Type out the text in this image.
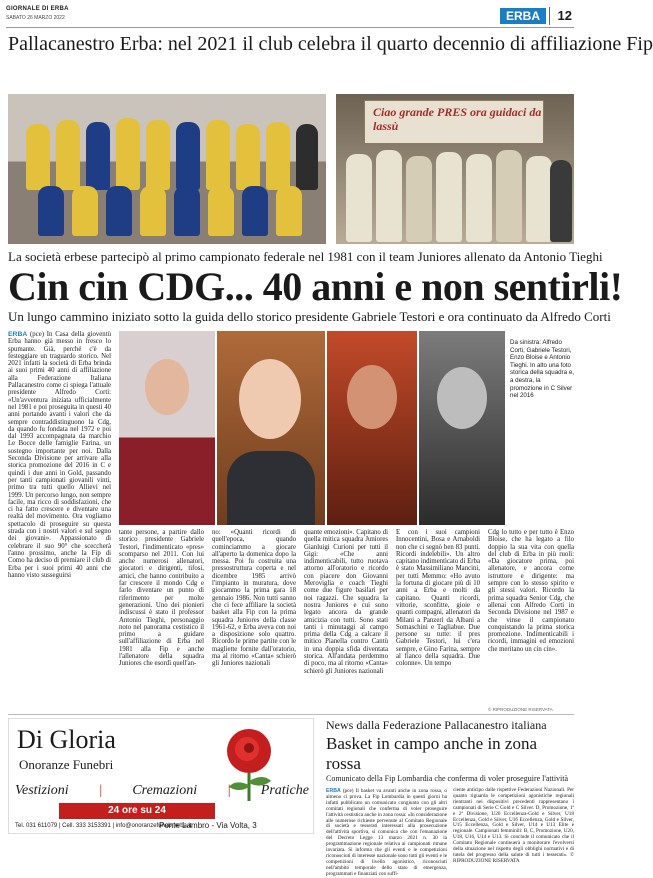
GIORNALE DI ERBA
SABATO 26 MARZO 2022	ERBA	12
Pallacanestro Erba: nel 2021 il club celebra il quarto decennio di affiliazione Fip
Ciao grande PRES ora guidaci da lassù
La società erbese partecipò al primo campionato federale nel 1981 con il team Juniores allenato da Antonio Tieghi
Cin cin CDG... 40 anni e non sentirli!
Un lungo cammino iniziato sotto la guida dello storico presidente Gabriele Testori e ora continuato da Alfredo Corti
ERBA (pce) In Casa della gioventù Erba hanno già messo in fresco lo spumante. Già, perché c'è da festeggiare un traguardo storico. Nel 2021 infatti la società di Erba brinda ai suoi primi 40 anni di affiliazione alla Federazione Italiana Pallacanestro come ci spiega l'attuale presidente Alfredo Corti: «Un'avventura iniziata ufficialmente nel 1981 e poi proseguita in questi 40 anni portando avanti i valori che da sempre contraddistinguono la Cdg, da quando fu fondata nel 1972 e poi dal 1993 accompagnata da marchio Le Bocce delle famiglie Farina, un sostegno importante per noi. Dalla Seconda Divisione per arrivare alla storica promozione del 2016 in C e quindi i due anni in Gold, passando per tanti campionati giovanili vinti, primo tra tutti quello Allievi nel 1999. Un percorso lungo, non sempre facile, ma ricco di soddisfazioni, che ci ha fatto crescere e diventare una realtà del movimento. Ora vogliamo spettacolo di proseguire su questa strada con i nostri valori e sul segno dei giovani». Appassionato di celebrare il suo 90° che sceccherà l'anno prossimo, anche la Fip di Como ha deciso di premiare il club di Erba per i suoi primi 40 anni che hanno visto susseguirsi
Da sinistra: Alfredo Corti, Gabriele Testori, Enzo Bloise e Antonio Tieghi. In alto una foto storica della squadra e, a destra, la promozione in C Silver nel 2016
tante persone, a partire dallo storico presidente Gabriele Testori, l'indimenticato «pres» scomparso nel 2011. Con lui anche numerosi allenatori, giocatori e dirigenti, tifosi, amici, che hanno contribuito a far crescere il mondo Cdg e farlo diventare un punto di riferimento per molte generazioni. Uno dei pionieri indiscussi è stato il professor Antonio Tieghi, personaggio noto nel panorama cestistico il primo a guidare sull'affiliazione di Erba nel 1981 alla Fip e anche l'allenatore della squadra Juniores che esordì quell'an-
no: «Quanti ricordi di quell'epoca, quando cominciammo a giocare all'aperto la domenica dopo la messa. Poi fu costruita una pressostruttura coperta e nel dicembre 1985 arrivò l'impianto in muratura, dove giocammo la prima gara 18 gennaio 1986. Non tutti sanno che ci fece affiliare la società basket alla Fip con la prima squadra Juniores della classe 1961-62, e Erba aveva con noi a disposizione solo quattro. Ricordo le prime partite con le magliette fornite dall'oratorio, ma al ritorno «Canta» schierò gli Juniores nazionali
quante emozioni». Capitano di quella mitica squadra Juniores Gianluigi Curioni per tutti il Gigi: «Che anni indimenticabili, tutto ruotava attorno all'oratorio e ricordo con piacere don Giovanni Meroviglia e coach Tieghi come due figure basilari per noi ragazzi. Che squadra la nostra Juniores e cui sono legato ancora da grande amicizia con tutti. Sono stati tanti i minutaggi al campo prima della Cdg a calcare il mitico Pianella contro Cantù in una doppia sfida diventata storica. All'andata perdemmo di poco, ma al ritorno «Canta» schierò gli Juniores nazionali
E con i suoi campioni Innocentini, Bosa e Arnaboldi non che ci segnò ben 83 punti. Ricordi indelebili». Un altro capitano indimenticato di Erba è stato Massimiliano Mancini, per tutti Memmo: «Ho avuto la fortuna di giocare più di 10 anni a Erba e molti da capitano. Quanti ricordi, vittorie, sconfitte, gioie e quanti compagni, allenatori da Milani a Panzeri da Albani a Somaschini e Tagliabue. Due persone su tutte: il pres Gabriele Testori, lui c'era sempre, e Gino Farina, sempre al fianco della squadra. Due colonne». Un tempo
Cdg lo tutto e per tutto è Enzo Bloise, che ha legato a filo doppio la sua vita con quella del club di Erba in più ruoli: «Da giocatore prima, poi allenatore, e ancora come istruttore e dirigente: ma sempre con lo stesso spirito e gli stessi valori. Ricordo la prima squadra Senior Cdg, che allenai con Alfredo Corti in Seconda Divisione nel 1987 e che vinse il campionato conquistando la prima storica promozione. Indimenticabili i ricordi, immagini ed emozioni che meritano un cin cin».
© RIPRODUZIONE RISERVATA
Di Gloria
Onoranze Funebri
Vestizioni | Cremazioni | Pratiche
24 ore su 24
Tel. 031 611079 | Cell. 333 3153391 | info@onoranzefunebrierba.it
Ponte Lambro - Via Volta, 3
News dalla Federazione Pallacanestro italiana
Basket in campo anche in zona rossa
Comunicato della Fip Lombardia che conferma di voler proseguire l'attività
ERBA (pce) Il basket va avanti anche in zona rossa, o almeno ci prova. La Fip Lombardia in questi giorni ha infatti pubblicato un comunicato congiunto con gli altri comitati regionali che conferma di voler proseguire l'attività cestistica anche in zona rossa: «In considerazione alle numerose richieste pervenute al Comitato Regionale di società e tesserati interessati alla prosecuzione dell'attività sportiva, si comunica che con l'emanazione del Decreto Legge 13 marzo 2021 n. 30 la programmazione regionale relativa ai campionati rimane invariata. Si informa che gli eventi e le competizioni riconosciuti di interesse nazionale sono tutti gli eventi e le competizioni di livello agonistico, riconosciuti nell'ambito temporale dello stato di emergenza, programmati e finanziati con suffi-
ciente anticipo dalle rispettive Federazioni Nazionali. Per quanto riguarda le competizioni agonistiche regionali rientranti nei dispositivi precedenti rappresentano i campionati di Serie C Gold e C Silver. D, Promozione, 1ª e 2ª Divisione, U20 Eccellenza-Gold e Silver, U18 Eccellenza, Gold e Silver, U16 Eccellenza, Gold e Silver, U15 Eccellenza, Gold e Silver, U14 e U13 Elite e regionale. Campionati femminili: B, C, Promozione, U20, U18, U16, U14 e U13. Si conclude il comunicato che il Comitato Regionale continuerà a monitorare l'evolversi della situazione nel rispetto degli obblighi normativi e di tutela del progresso della salute di tutti i tesserati». © RIPRODUZIONE RISERVATA
